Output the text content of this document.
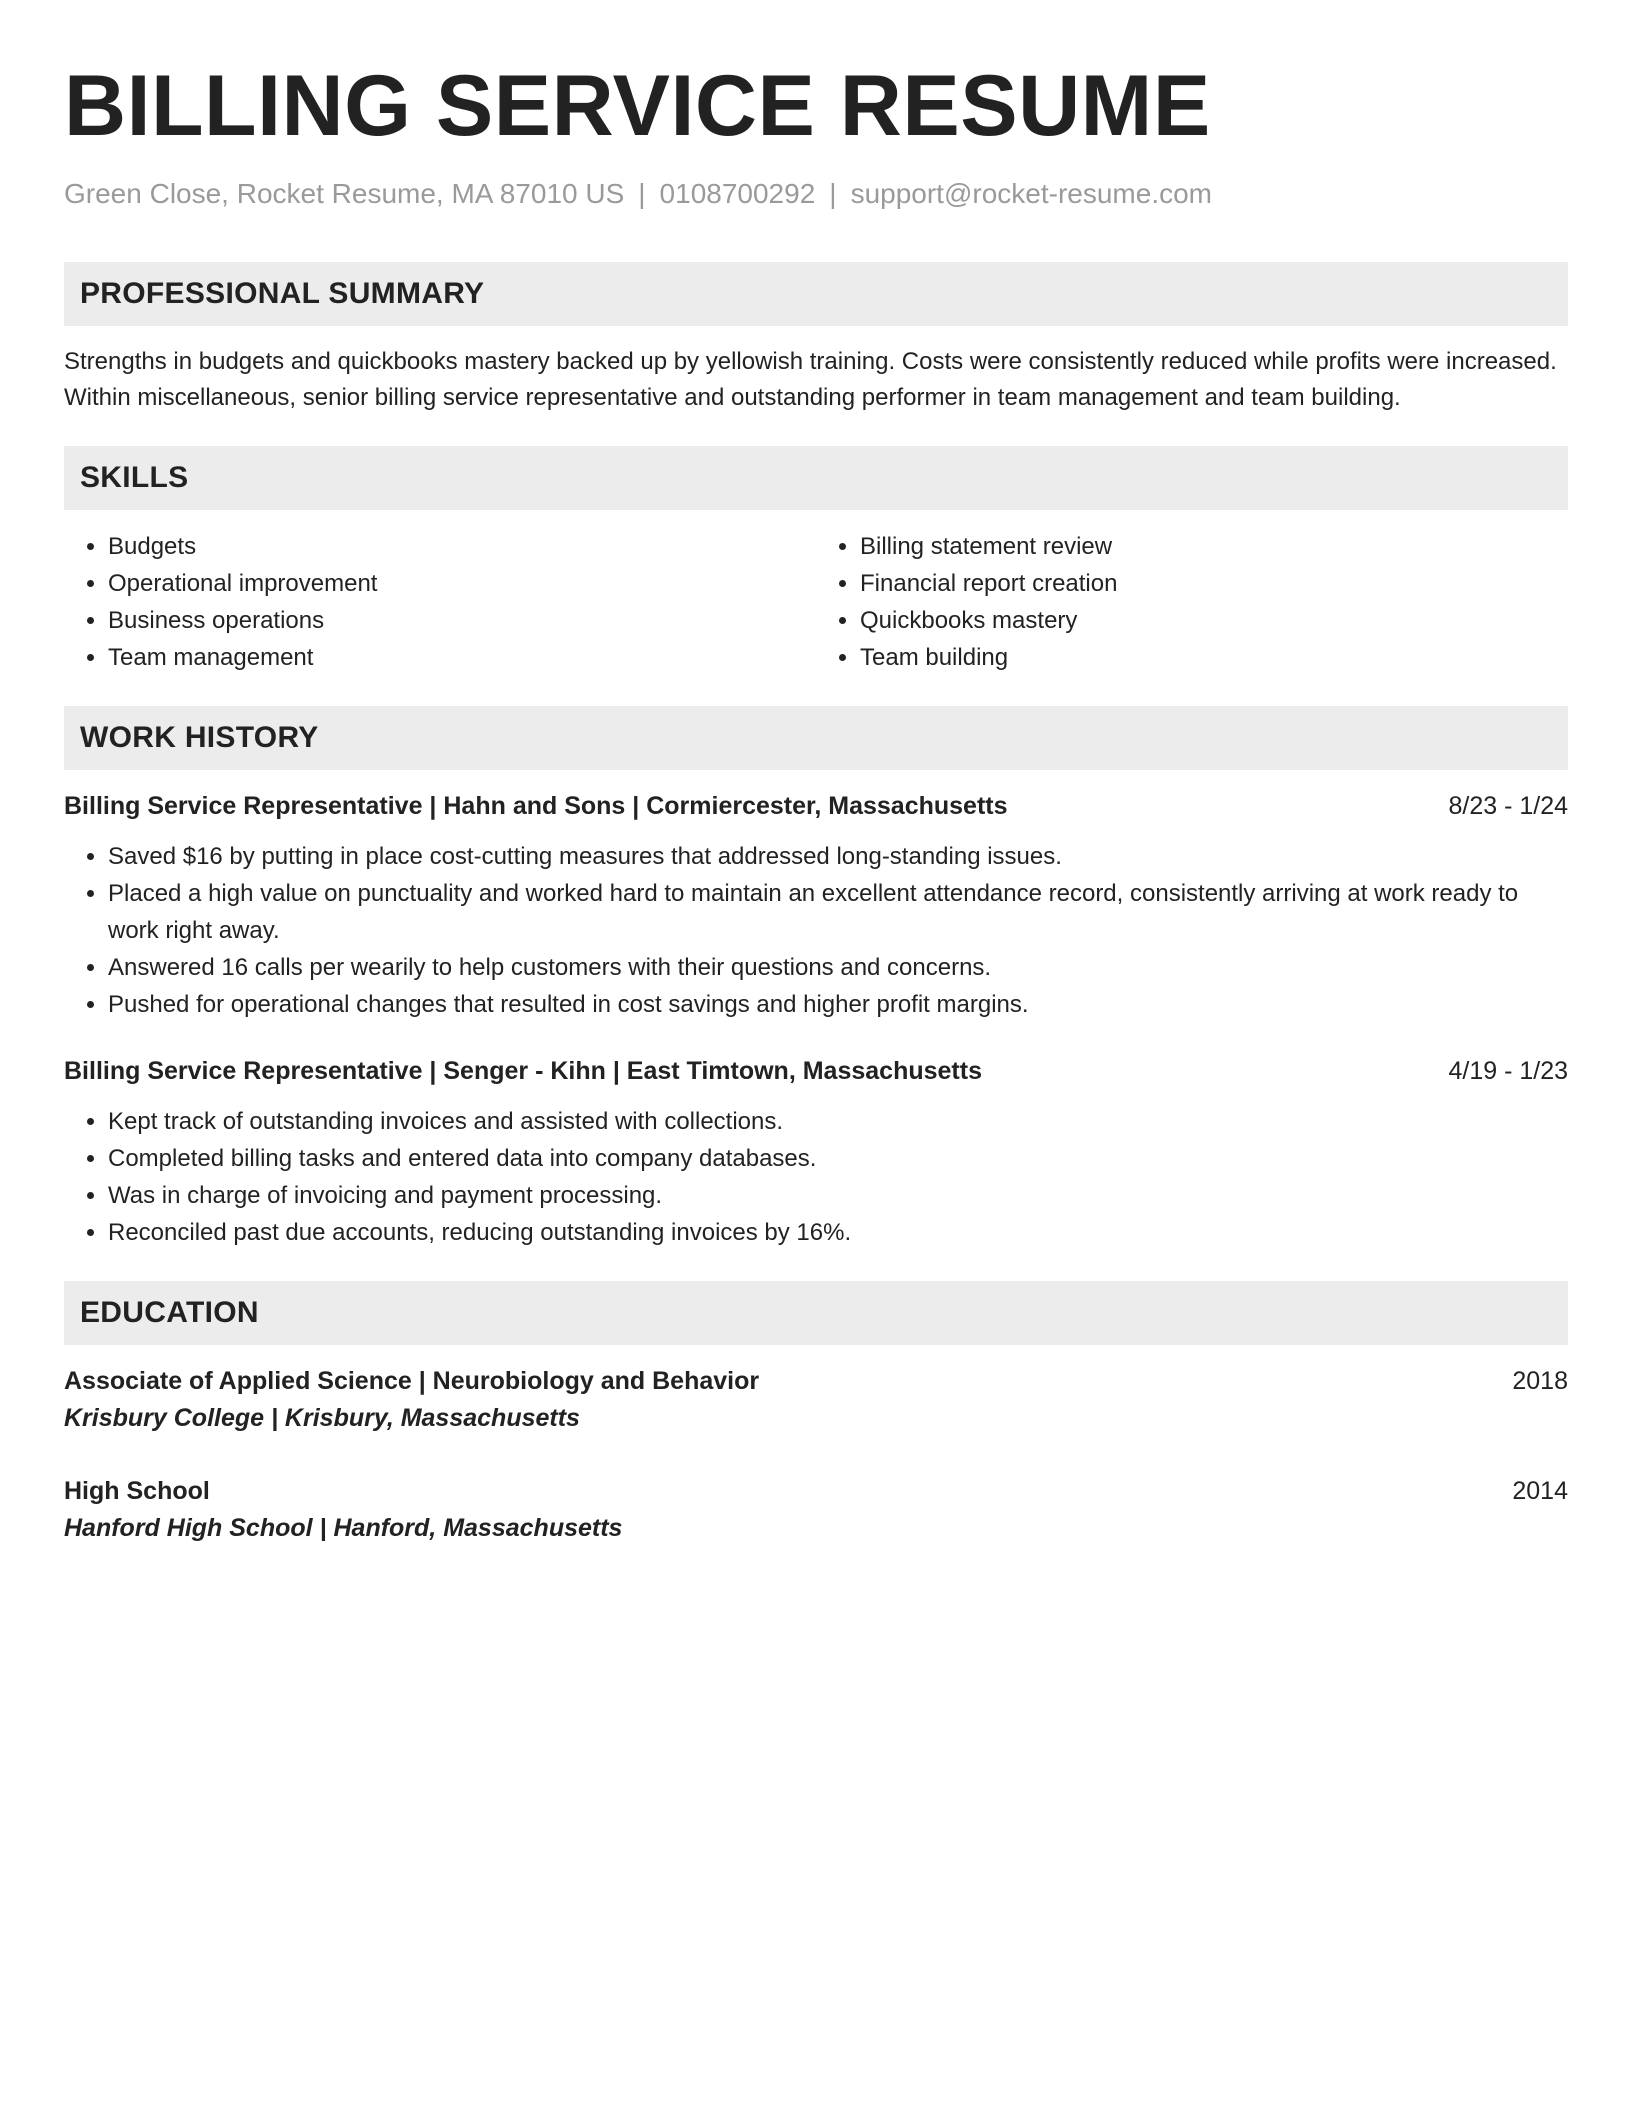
BILLING SERVICE RESUME
Green Close, Rocket Resume, MA 87010 US | 0108700292 | support@rocket-resume.com
PROFESSIONAL SUMMARY
Strengths in budgets and quickbooks mastery backed up by yellowish training. Costs were consistently reduced while profits were increased. Within miscellaneous, senior billing service representative and outstanding performer in team management and team building.
SKILLS
• Budgets
• Operational improvement
• Business operations
• Team management
• Billing statement review
• Financial report creation
• Quickbooks mastery
• Team building
WORK HISTORY
Billing Service Representative | Hahn and Sons | Cormiercester, Massachusetts	8/23 - 1/24
• Saved $16 by putting in place cost-cutting measures that addressed long-standing issues.
• Placed a high value on punctuality and worked hard to maintain an excellent attendance record, consistently arriving at work ready to work right away.
• Answered 16 calls per wearily to help customers with their questions and concerns.
• Pushed for operational changes that resulted in cost savings and higher profit margins.
Billing Service Representative | Senger - Kihn | East Timtown, Massachusetts	4/19 - 1/23
• Kept track of outstanding invoices and assisted with collections.
• Completed billing tasks and entered data into company databases.
• Was in charge of invoicing and payment processing.
• Reconciled past due accounts, reducing outstanding invoices by 16%.
EDUCATION
Associate of Applied Science | Neurobiology and Behavior	2018
Krisbury College | Krisbury, Massachusetts
High School	2014
Hanford High School | Hanford, Massachusetts
